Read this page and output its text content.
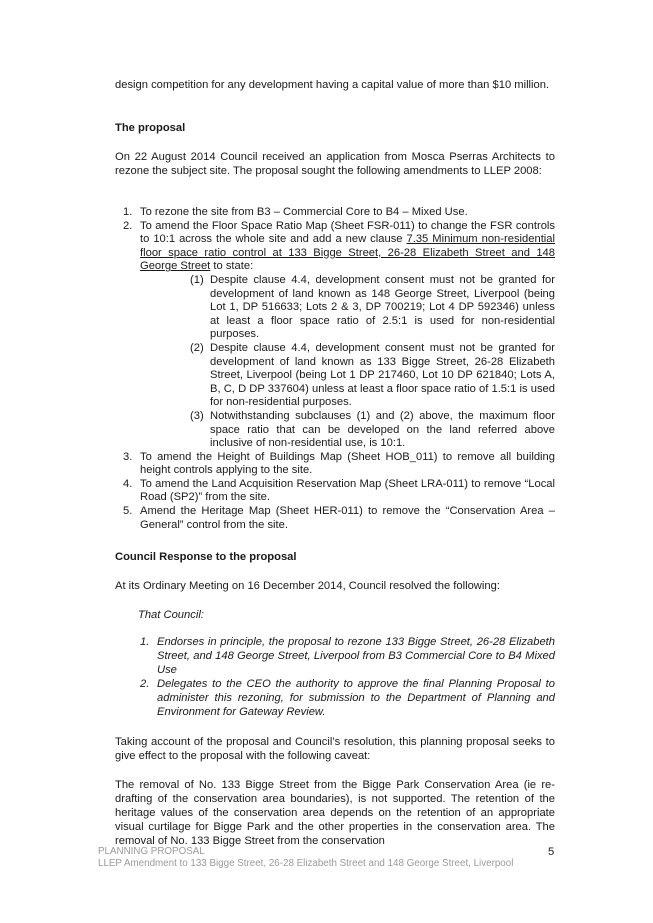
design competition for any development having a capital value of more than $10 million.

The proposal

On 22 August 2014 Council received an application from Mosca Pserras Architects to rezone the subject site. The proposal sought the following amendments to LLEP 2008:

1. To rezone the site from B3 – Commercial Core to B4 – Mixed Use.
2. To amend the Floor Space Ratio Map (Sheet FSR-011) to change the FSR controls to 10:1 across the whole site and add a new clause 7.35 Minimum non-residential floor space ratio control at 133 Bigge Street, 26-28 Elizabeth Street and 148 George Street to state:
(1) Despite clause 4.4, development consent must not be granted for development of land known as 148 George Street, Liverpool (being Lot 1, DP 516633; Lots 2 & 3, DP 700219; Lot 4 DP 592346) unless at least a floor space ratio of 2.5:1 is used for non-residential purposes.
(2) Despite clause 4.4, development consent must not be granted for development of land known as 133 Bigge Street, 26-28 Elizabeth Street, Liverpool (being Lot 1 DP 217460, Lot 10 DP 621840; Lots A, B, C, D DP 337604) unless at least a floor space ratio of 1.5:1 is used for non-residential purposes.
(3) Notwithstanding subclauses (1) and (2) above, the maximum floor space ratio that can be developed on the land referred above inclusive of non-residential use, is 10:1.
3. To amend the Height of Buildings Map (Sheet HOB_011) to remove all building height controls applying to the site.
4. To amend the Land Acquisition Reservation Map (Sheet LRA-011) to remove “Local Road (SP2)” from the site.
5. Amend the Heritage Map (Sheet HER-011) to remove the “Conservation Area – General” control from the site.
Council Response to the proposal

At its Ordinary Meeting on 16 December 2014, Council resolved the following:

That Council:

1. Endorses in principle, the proposal to rezone 133 Bigge Street, 26-28 Elizabeth Street, and 148 George Street, Liverpool from B3 Commercial Core to B4 Mixed Use
2. Delegates to the CEO the authority to approve the final Planning Proposal to administer this rezoning, for submission to the Department of Planning and Environment for Gateway Review.

Taking account of the proposal and Council’s resolution, this planning proposal seeks to give effect to the proposal with the following caveat:

The removal of No. 133 Bigge Street from the Bigge Park Conservation Area (ie re-drafting of the conservation area boundaries), is not supported. The retention of the heritage values of the conservation area depends on the retention of an appropriate visual curtilage for Bigge Park and the other properties in the conservation area. The removal of No. 133 Bigge Street from the conservation

PLANNING PROPOSAL
LLEP Amendment to 133 Bigge Street, 26-28 Elizabeth Street and 148 George Street, Liverpool
5
